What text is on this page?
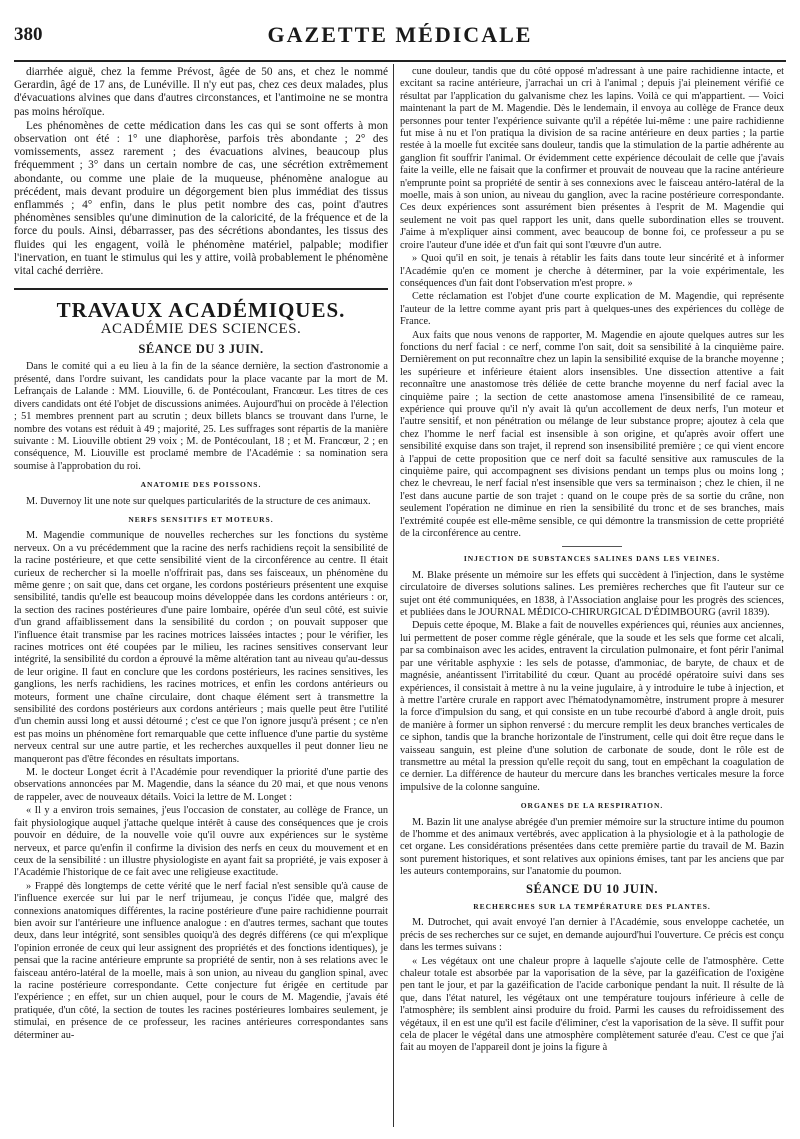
380	GAZETTE MÉDICALE

diarrhée aiguë, chez la femme Prévost, âgée de 50 ans, et chez le nommé Gerardin, âgé de 17 ans, de Lunéville. Il n'y eut pas, chez ces deux malades, plus d'évacuations alvines que dans d'autres circonstances, et l'antimoine ne se montra pas moins héroïque.

Les phénomènes de cette médication dans les cas qui se sont offerts à mon observation ont été : 1° une diaphorèse, parfois très abondante ; 2° des vomissements, assez rarement ; des évacuations alvines, beaucoup plus fréquemment ; 3° dans un certain nombre de cas, une sécrétion extrêmement abondante, ou comme une plaie de la muqueuse, phénomène analogue au précédent, mais devant produire un dégorgement bien plus immédiat des tissus enflammés ; 4° enfin, dans le plus petit nombre des cas, point d'autres phénomènes sensibles qu'une diminution de la caloricité, de la fréquence et de la force du pouls. Ainsi, débarrasser, pas des sécrétions abondantes, les tissus des fluides qui les engagent, voilà le phénomène matériel, palpable; modifier l'inervation, en tuant le stimulus qui les y attire, voilà probablement le phénomène vital caché derrière.

TRAVAUX ACADÉMIQUES.
ACADÉMIE DES SCIENCES.
SÉANCE DU 3 JUIN.

Dans le comité qui a eu lieu à la fin de la séance dernière, la section d'astronomie a présenté, dans l'ordre suivant, les candidats pour la place vacante par la mort de M. Lefrançais de Lalande : MM. Liouville, 6. de Pontécoulant, Francœur. Les titres de ces divers candidats ont été l'objet de discussions animées. Aujourd'hui on procède à l'élection ; 51 membres prennent part au scrutin ; deux billets blancs se trouvant dans l'urne, le nombre des votans est réduit à 49 ; majorité, 25. Les suffrages sont répartis de la manière suivante : M. Liouville obtient 29 voix ; M. de Pontécoulant, 18 ; et M. Francœur, 2 ; en conséquence, M. Liouville est proclamé membre de l'Académie : sa nomination sera soumise à l'approbation du roi.

ANATOMIE DES POISSONS.

M. Duvernoy lit une note sur quelques particularités de la structure de ces animaux.

NERFS SENSITIFS ET MOTEURS.

M. Magendie communique de nouvelles recherches sur les fonctions du système nerveux. On a vu précédemment que la racine des nerfs rachidiens reçoit la sensibilité de la racine postérieure, et que cette sensibilité vient de la circonférence au centre. Il était curieux de rechercher si la moelle n'offrirait pas, dans ses faisceaux, un phénomène du même genre ; on sait que, dans cet organe, les cordons postérieurs présentent une exquise sensibilité, tandis qu'elle est beaucoup moins développée dans les cordons antérieurs : or, la section des racines postérieures d'une paire lombaire, opérée d'un seul côté, est suivie d'un grand affaiblissement dans la sensibilité du cordon ; on pouvait supposer que l'influence était transmise par les racines motrices laissées intactes ; pour le vérifier, les racines motrices ont été coupées par le milieu, les racines sensitives conservant leur intégrité, la sensibilité du cordon a éprouvé la même altération tant au niveau qu'au-dessus de leur origine. Il faut en conclure que les cordons postérieurs, les racines sensitives, les ganglions, les nerfs rachidiens, les racines motrices, et enfin les cordons antérieurs ou moteurs, forment une chaîne circulaire, dont chaque élément sert à transmettre la sensibilité des cordons postérieurs aux cordons antérieurs ; mais quelle peut être l'utilité d'un chemin aussi long et aussi détourné ; c'est ce que l'on ignore jusqu'à présent ; ce n'en est pas moins un phénomène fort remarquable que cette influence d'une partie du système nerveux central sur une autre partie, et les recherches auxquelles il peut donner lieu ne manqueront pas d'être fécondes en résultats importans.

M. le docteur Longet écrit à l'Académie pour revendiquer la priorité d'une partie des observations annoncées par M. Magendie, dans la séance du 20 mai, et que nous venons de rappeler, avec de nouveaux détails. Voici la lettre de M. Longet :

« Il y a environ trois semaines, j'eus l'occasion de constater, au collège de France, un fait physiologique auquel j'attache quelque intérêt à cause des conséquences que je crois pouvoir en déduire, de la nouvelle voie qu'il ouvre aux expériences sur le système nerveux, et parce qu'enfin il confirme la division des nerfs en ceux du mouvement et en ceux de la sensibilité : un illustre physiologiste en ayant fait sa propriété, je vais exposer à l'Académie l'historique de ce fait avec une religieuse exactitude.

» Frappé dès longtemps de cette vérité que le nerf facial n'est sensible qu'à cause de l'influence exercée sur lui par le nerf trijumeau, je conçus l'idée que, malgré des connexions anatomiques différentes, la racine postérieure d'une paire rachidienne pourrait bien avoir sur l'antérieure une influence analogue : en d'autres termes, sachant que toutes deux, dans leur intégrité, sont sensibles quoiqu'à des degrés différens (ce qui m'explique l'opinion erronée de ceux qui leur assignent des propriétés et des fonctions identiques), je pensai que la racine antérieure emprunte sa propriété de sentir, non à ses relations avec le faisceau antéro-latéral de la moelle, mais à son union, au niveau du ganglion spinal, avec la racine postérieure correspondante. Cette conjecture fut érigée en certitude par l'expérience ; en effet, sur un chien auquel, pour le cours de M. Magendie, j'avais été pratiquée, d'un côté, la section de toutes les racines postérieures lombaires seulement, je stimulai, en présence de ce professeur, les racines antérieures correspondantes sans déterminer au-

cune douleur, tandis que du côté opposé m'adressant à une paire rachidienne intacte, et excitant sa racine antérieure, j'arrachai un cri à l'animal ; depuis j'ai pleinement vérifié ce résultat par l'application du galvanisme chez les lapins. Voilà ce qui m'appartient. — Voici maintenant la part de M. Magendie. Dès le lendemain, il envoya au collège de France deux personnes pour tenter l'expérience suivante qu'il a répétée lui-même : une paire rachidienne fut mise à nu et l'on pratiqua la division de sa racine antérieure en deux parties ; la partie restée à la moelle fut excitée sans douleur, tandis que la stimulation de la partie adhérente au ganglion fit souffrir l'animal. Or évidemment cette expérience découlait de celle que j'avais faite la veille, elle ne faisait que la confirmer et prouvait de nouveau que la racine antérieure n'emprunte point sa propriété de sentir à ses connexions avec le faisceau antéro-latéral de la moelle, mais à son union, au niveau du ganglion, avec la racine postérieure correspondante. Ces deux expériences sont assurément bien présentes à l'esprit de M. Magendie qui seulement ne voit pas quel rapport les unit, dans quelle subordination elles se trouvent. J'aime à m'expliquer ainsi comment, avec beaucoup de bonne foi, ce professeur a pu se croire l'auteur d'une idée et d'un fait qui sont l'œuvre d'un autre.

» Quoi qu'il en soit, je tenais à rétablir les faits dans toute leur sincérité et à informer l'Académie qu'en ce moment je cherche à déterminer, par la voie expérimentale, les conséquences d'un fait dont l'observation m'est propre. »

Cette réclamation est l'objet d'une courte explication de M. Magendie, qui représente l'auteur de la lettre comme ayant pris part à quelques-unes des expériences du collège de France.

Aux faits que nous venons de rapporter, M. Magendie en ajoute quelques autres sur les fonctions du nerf facial : ce nerf, comme l'on sait, doit sa sensibilité à la cinquième paire. Dernièrement on put reconnaître chez un lapin la sensibilité exquise de la branche moyenne ; les supérieure et inférieure étaient alors insensibles. Une dissection attentive a fait reconnaître une anastomose très déliée de cette branche moyenne du nerf facial avec la cinquième paire ; la section de cette anastomose amena l'insensibilité de ce rameau, expérience qui prouve qu'il n'y avait là qu'un accollement de deux nerfs, l'un moteur et l'autre sensitif, et non pénétration ou mélange de leur substance propre; ajoutez à cela que chez l'homme le nerf facial est insensible à son origine, et qu'après avoir offert une sensibilité exquise dans son trajet, il reprend son insensibilité première ; ce qui vient encore à l'appui de cette proposition que ce nerf doit sa faculté sensitive aux ramuscules de la cinquième paire, qui accompagnent ses divisions pendant un temps plus ou moins long ; chez le chevreau, le nerf facial n'est insensible que vers sa terminaison ; chez le chien, il ne l'est dans aucune partie de son trajet : quand on le coupe près de sa sortie du crâne, non seulement l'opération ne diminue en rien la sensibilité du tronc et de ses branches, mais l'extrémité coupée est elle-même sensible, ce qui démontre la transmission de cette propriété de la circonférence au centre.

INJECTION DE SUBSTANCES SALINES DANS LES VEINES.

M. Blake présente un mémoire sur les effets qui succèdent à l'injection, dans le système circulatoire de diverses solutions salines. Les premières recherches que fit l'auteur sur ce sujet ont été communiquées, en 1838, à l'Association anglaise pour les progrès des sciences, et publiées dans le JOURNAL MÉDICO-CHIRURGICAL D'ÉDIMBOURG (avril 1839).

Depuis cette époque, M. Blake a fait de nouvelles expériences qui, réunies aux anciennes, lui permettent de poser comme règle générale, que la soude et les sels que forme cet alcali, par sa combinaison avec les acides, entravent la circulation pulmonaire, et font périr l'animal par une véritable asphyxie : les sels de potasse, d'ammoniac, de baryte, de chaux et de magnésie, anéantissent l'irritabilité du cœur. Quant au procédé opératoire suivi dans ses expériences, il consistait à mettre à nu la veine jugulaire, à y introduire le tube à injection, et à mettre l'artère crurale en rapport avec l'hématodynamomètre, instrument propre à mesurer la force d'impulsion du sang, et qui consiste en un tube recourbé d'abord à angle droit, puis de manière à former un siphon renversé : du mercure remplit les deux branches verticales de ce siphon, tandis que la branche horizontale de l'instrument, celle qui doit être reçue dans le vaisseau sanguin, est pleine d'une solution de carbonate de soude, dont le rôle est de transmettre au métal la pression qu'elle reçoit du sang, tout en empêchant la coagulation de ce dernier. La différence de hauteur du mercure dans les branches verticales mesure la force impulsive de la colonne sanguine.

ORGANES DE LA RESPIRATION.

M. Bazin lit une analyse abrégée d'un premier mémoire sur la structure intime du poumon de l'homme et des animaux vertébrés, avec application à la physiologie et à la pathologie de cet organe. Les considérations présentées dans cette première partie du travail de M. Bazin sont purement historiques, et sont relatives aux opinions émises, tant par les anciens que par les auteurs contemporains, sur l'anatomie du poumon.

SÉANCE DU 10 JUIN.
RECHERCHES SUR LA TEMPÉRATURE DES PLANTES.

M. Dutrochet, qui avait envoyé l'an dernier à l'Académie, sous enveloppe cachetée, un précis de ses recherches sur ce sujet, en demande aujourd'hui l'ouverture. Ce précis est conçu dans les termes suivans :

« Les végétaux ont une chaleur propre à laquelle s'ajoute celle de l'atmosphère. Cette chaleur totale est absorbée par la vaporisation de la sève, par la gazéification de l'oxigène pen tant le jour, et par la gazéification de l'acide carbonique pendant la nuit. Il résulte de là que, dans l'état naturel, les végétaux ont une température toujours inférieure à celle de l'atmosphère; ils semblent ainsi produire du froid. Parmi les causes du refroidissement des végétaux, il en est une qu'il est facile d'éliminer, c'est la vaporisation de la sève. Il suffit pour cela de placer le végétal dans une atmosphère complètement saturée d'eau. C'est ce que j'ai fait au moyen de l'appareil dont je joins la figure à
